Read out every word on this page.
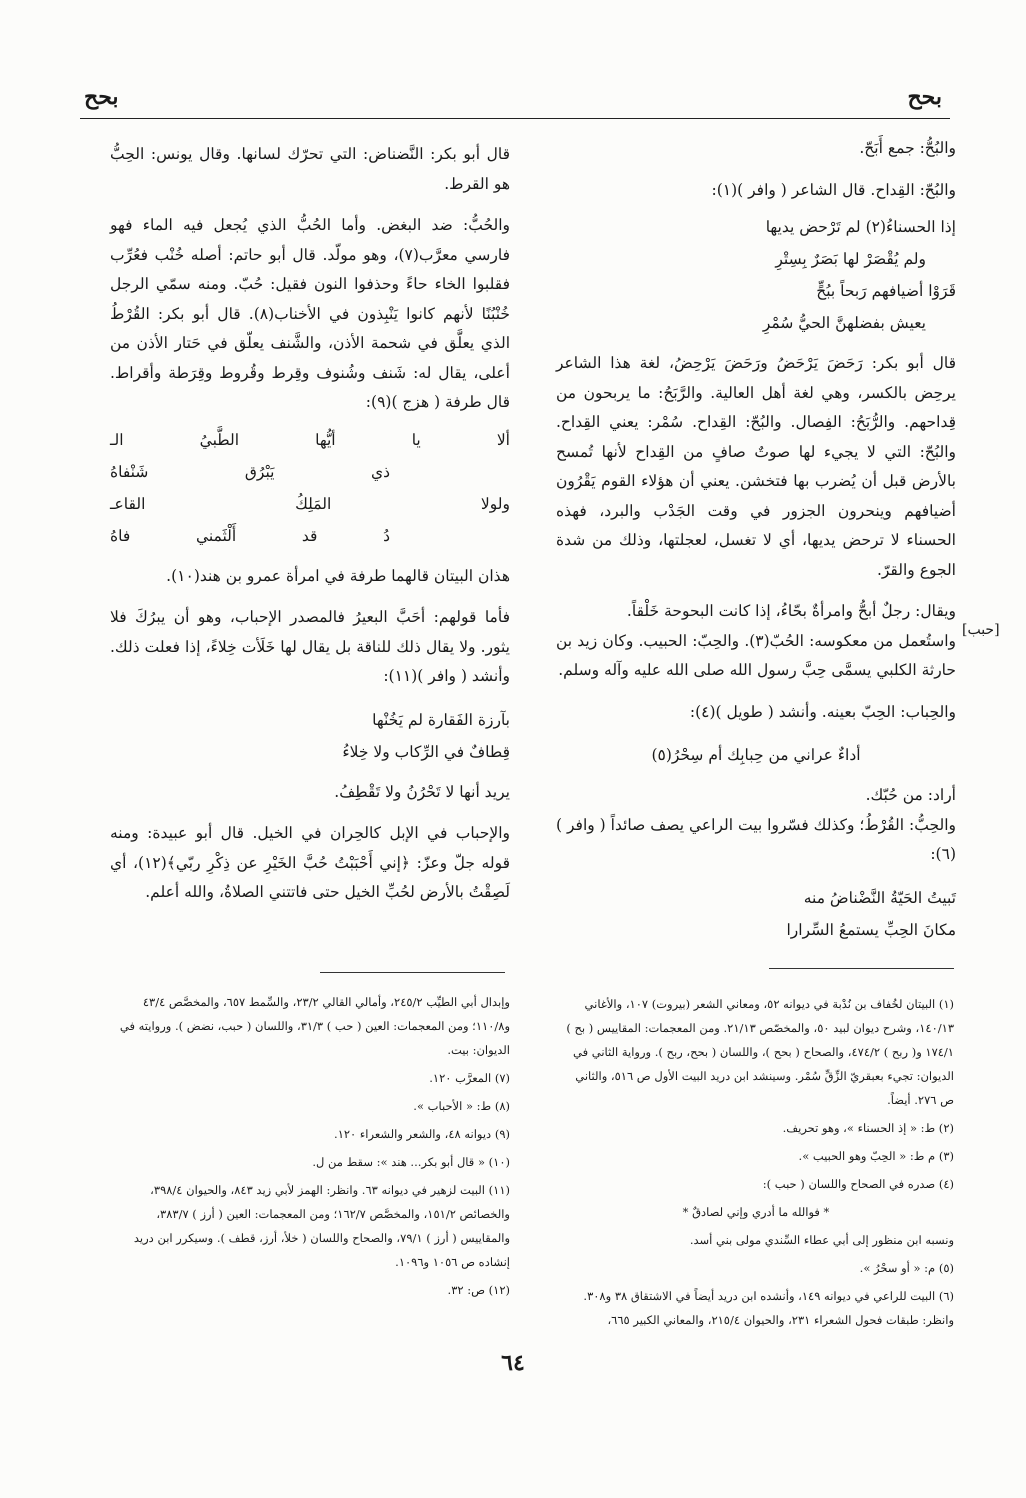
بحح	بحح
[حبب]

والبُحُّ: جمع أَبَحّ.

والبُحّ: القِداح. قال الشاعر ( وافر )(١):

إذا الحسناءُ(٢) لم تَرْحض يديها
ولم يُقْصَرْ لها بَصَرٌ بِسِتْرِ
قَرَوْا أضيافهم رَبحاً ببُحٍّ
يعيش بفضلهنَّ الحيُّ سُمْرِ

قال أبو بكر: رَحَضَ يَرْحَضُ ورَحَضَ يَرْحِضُ، لغة هذا الشاعر يرحِض بالكسر، وهي لغة أهل العالية. والرَّبَحُ: ما يربحون من قِداحهم. والرُّبَحُ: الفِصال. والبُحّ: القِداح. سُمْر: يعني القِداح. والبُحّ: التي لا يجيء لها صوتٌ صافٍ من القِداح لأنها تُمسح بالأرض قبل أن يُضرب بها فتخشن. يعني أن هؤلاء القوم يَقْرُون أضيافهم وينحرون الجزور في وقت الجَدْب والبرد، فهذه الحسناء لا ترحض يديها، أي لا تغسل، لعجلتها، وذلك من شدة الجوع والقرّ.

ويقال: رجلٌ أبحُّ وامرأةٌ بحّاءُ، إذا كانت البحوحة خَلْقاً.

واستُعمل من معكوسه: الحُبّ(٣). والحِبّ: الحبيب. وكان زيد بن حارثة الكلبي يسمَّى حِبَّ رسول الله صلى الله عليه وآله وسلم.

والحِباب: الحِبّ بعينه. وأنشد ( طويل )(٤):

أداءٌ عراني من حِبابِك أم سِحْرُ(٥)

أراد: من حُبّك.

والحِبُّ: القُرْطُ؛ وكذلك فسّروا بيت الراعي يصف صائداً ( وافر )(٦):

تَبيتُ الحَيّةُ النَّضْناضُ منه
مكانَ الحِبِّ يستمعُ السِّرارا

قال أبو بكر: النَّضناض: التي تحرّك لسانها. وقال يونس: الحِبُّ هو القرط.

والحُبُّ: ضد البغض. وأما الحُبُّ الذي يُجعل فيه الماء فهو فارسي معرَّب(٧)، وهو مولّد. قال أبو حاتم: أصله خُنْب فعُرِّب فقلبوا الخاء حاءً وحذفوا النون فقيل: حُبّ. ومنه سمّي الرجل خُنْبُنًا لأنهم كانوا يَنْبِذون في الأخناب(٨). قال أبو بكر: القُرْطُ الذي يعلَّق في شحمة الأذن، والشَّنف يعلّق في حَتار الأذن من أعلى، يقال له: شَنف وشُنوف وقِرط وقُروط وقِرَطة وأقراط. قال طرفة ( هزج )(٩):

ألا يا أيُّها الطَّبيُ الـ
ذي يَبْرُق شَنْفاهُ
ولولا المَلِكُ القاعـ
دُ قد أَلْثَمني فاهُ

هذان البيتان قالهما طرفة في امرأة عمرو بن هند(١٠).

فأما قولهم: أحَبَّ البعيرُ فالمصدر الإحباب، وهو أن يبرُكَ فلا يثور. ولا يقال ذلك للناقة بل يقال لها خَلَأت خِلاءً، إذا فعلت ذلك. وأنشد ( وافر )(١١):

بآرزة الفَقارة لم يَخُنْها
قِطافٌ في الرِّكاب ولا خِلاءُ

يريد أنها لا تَحْرُنُ ولا تَقْطِفُ.

والإحباب في الإبل كالحِران في الخيل. قال أبو عبيدة: ومنه قوله جلّ وعزّ: ﴿إني أَحْبَبْتُ حُبَّ الخَيْرِ عن ذِكْرِ ربّي﴾(١٢)، أي لَصِقْتُ بالأرض لحُبِّ الخيل حتى فاتتني الصلاةُ، والله أعلم.

(١) البيتان لخُفاف بن نُدْبة في ديوانه ٥٢، ومعاني الشعر (بيروت) ١٠٧، والأغاني ١٤٠/١٣، وشرح ديوان لبيد ٥٠، والمخصّص ٢١/١٣. ومن المعجمات: المقاييس ( بح ) ١٧٤/١ و( ربح ) ٤٧٤/٢، والصحاح ( بحح )، واللسان ( بحح، ربح ). ورواية الثاني في الديوان: تجيء بعبقريّ الزِّقِّ سُمْر. وسينشد ابن دريد البيت الأول ص ٥١٦، والثاني ص ٢٧٦. أيضاً.
(٢) ط: « إذ الحسناء »، وهو تحريف.
(٣) م ط: « الحِبّ وهو الحبيب ».
(٤) صدره في الصحاح واللسان ( حبب ):
* فوالله ما أدري وإني لصادقٌ *
ونسبه ابن منظور إلى أبي عطاء السِّندي مولى بني أسد.
(٥) م: « أو سحْرُ ».
(٦) البيت للراعي في ديوانه ١٤٩، وأنشده ابن دريد أيضاً في الاشتقاق ٣٨ و٣٠٨. وانظر: طبقات فحول الشعراء ٢٣١، والحيوان ٢١٥/٤، والمعاني الكبير ٦٦٥،
وإبدال أبي الطيِّب ٢٤٥/٢، وأمالي القالي ٢٣/٢، والسِّمط ٦٥٧، والمخصَّص ٤٣/٤ و١١٠/٨؛ ومن المعجمات: العين ( حب ) ٣١/٣، واللسان ( حبب، نضض ). وروايته في الديوان: بيت.
(٧) المعرَّب ١٢٠.
(٨) ط: « الأحباب ».
(٩) ديوانه ٤٨، والشعر والشعراء ١٢٠.
(١٠) « قال أبو بكر... هند »: سقط من ل.
(١١) البيت لزهير في ديوانه ٦٣. وانظر: الهمز لأبي زيد ٨٤٣، والحيوان ٣٩٨/٤، والخصائص ١٥١/٢، والمخصَّص ١٦٢/٧؛ ومن المعجمات: العين ( أرز ) ٣٨٣/٧، والمقاييس ( أرز ) ٧٩/١، والصحاح واللسان ( خلأ، أرز، قطف ). وسيكرر ابن دريد إنشاده ص ١٠٥٦ و١٠٩٦.
(١٢) ص: ٣٢.
٦٤
